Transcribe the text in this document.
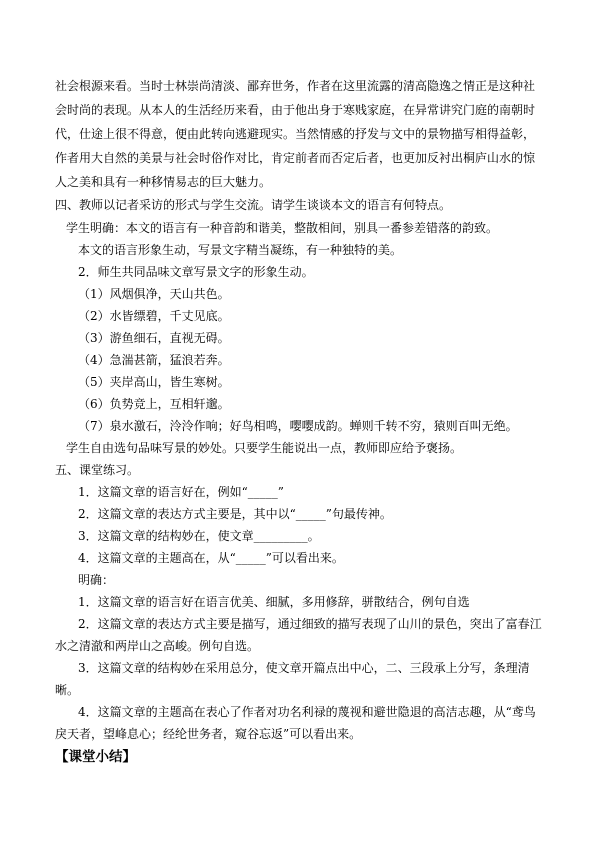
社会根源来看。当时士林崇尚清淡、鄙弃世务，作者在这里流露的清高隐逸之情正是这种社
会时尚的表现。从本人的生活经历来看，由于他出身于寒贱家庭，在异常讲究门庭的南朝时
代，仕途上很不得意，便由此转向逃避现实。当然情感的抒发与文中的景物描写相得益彰，
作者用大自然的美景与社会时俗作对比，肯定前者而否定后者，也更加反衬出桐庐山水的惊
人之美和具有一种移情易志的巨大魅力。
四、教师以记者采访的形式与学生交流。请学生谈谈本文的语言有何特点。
学生明确：本文的语言有一种音韵和谐美，整散相间，别具一番参差错落的韵致。
本文的语言形象生动，写景文字精当凝练，有一种独特的美。
2．师生共同品味文章写景文字的形象生动。
（1）风烟俱净，天山共色。
（2）水皆缥碧，千丈见底。
（3）游鱼细石，直视无碍。
（4）急湍甚箭，猛浪若奔。
（5）夹岸高山，皆生寒树。
（6）负势竞上，互相轩邈。
（7）泉水激石，泠泠作响；好鸟相鸣，嘤嘤成韵。蝉则千转不穷，猿则百叫无绝。
学生自由选句品味写景的妙处。只要学生能说出一点，教师即应给予褒扬。
五、课堂练习。
1．这篇文章的语言好在，例如“_____”
2．这篇文章的表达方式主要是，其中以“_____”句最传神。
3．这篇文章的结构妙在，使文章_________。
4．这篇文章的主题高在，从“_____”可以看出来。
明确：
1．这篇文章的语言好在语言优美、细腻，多用修辞，骈散结合，例句自选
2．这篇文章的表达方式主要是描写，通过细致的描写表现了山川的景色，突出了富春江
水之清澈和两岸山之高峻。例句自选。
3．这篇文章的结构妙在采用总分，使文章开篇点出中心，二、三段承上分写，条理清
晰。
4．这篇文章的主题高在表心了作者对功名利禄的蔑视和避世隐退的高洁志趣，从“鸢鸟
戾天者，望峰息心；经纶世务者，窥谷忘返”可以看出来。
【课堂小结】
